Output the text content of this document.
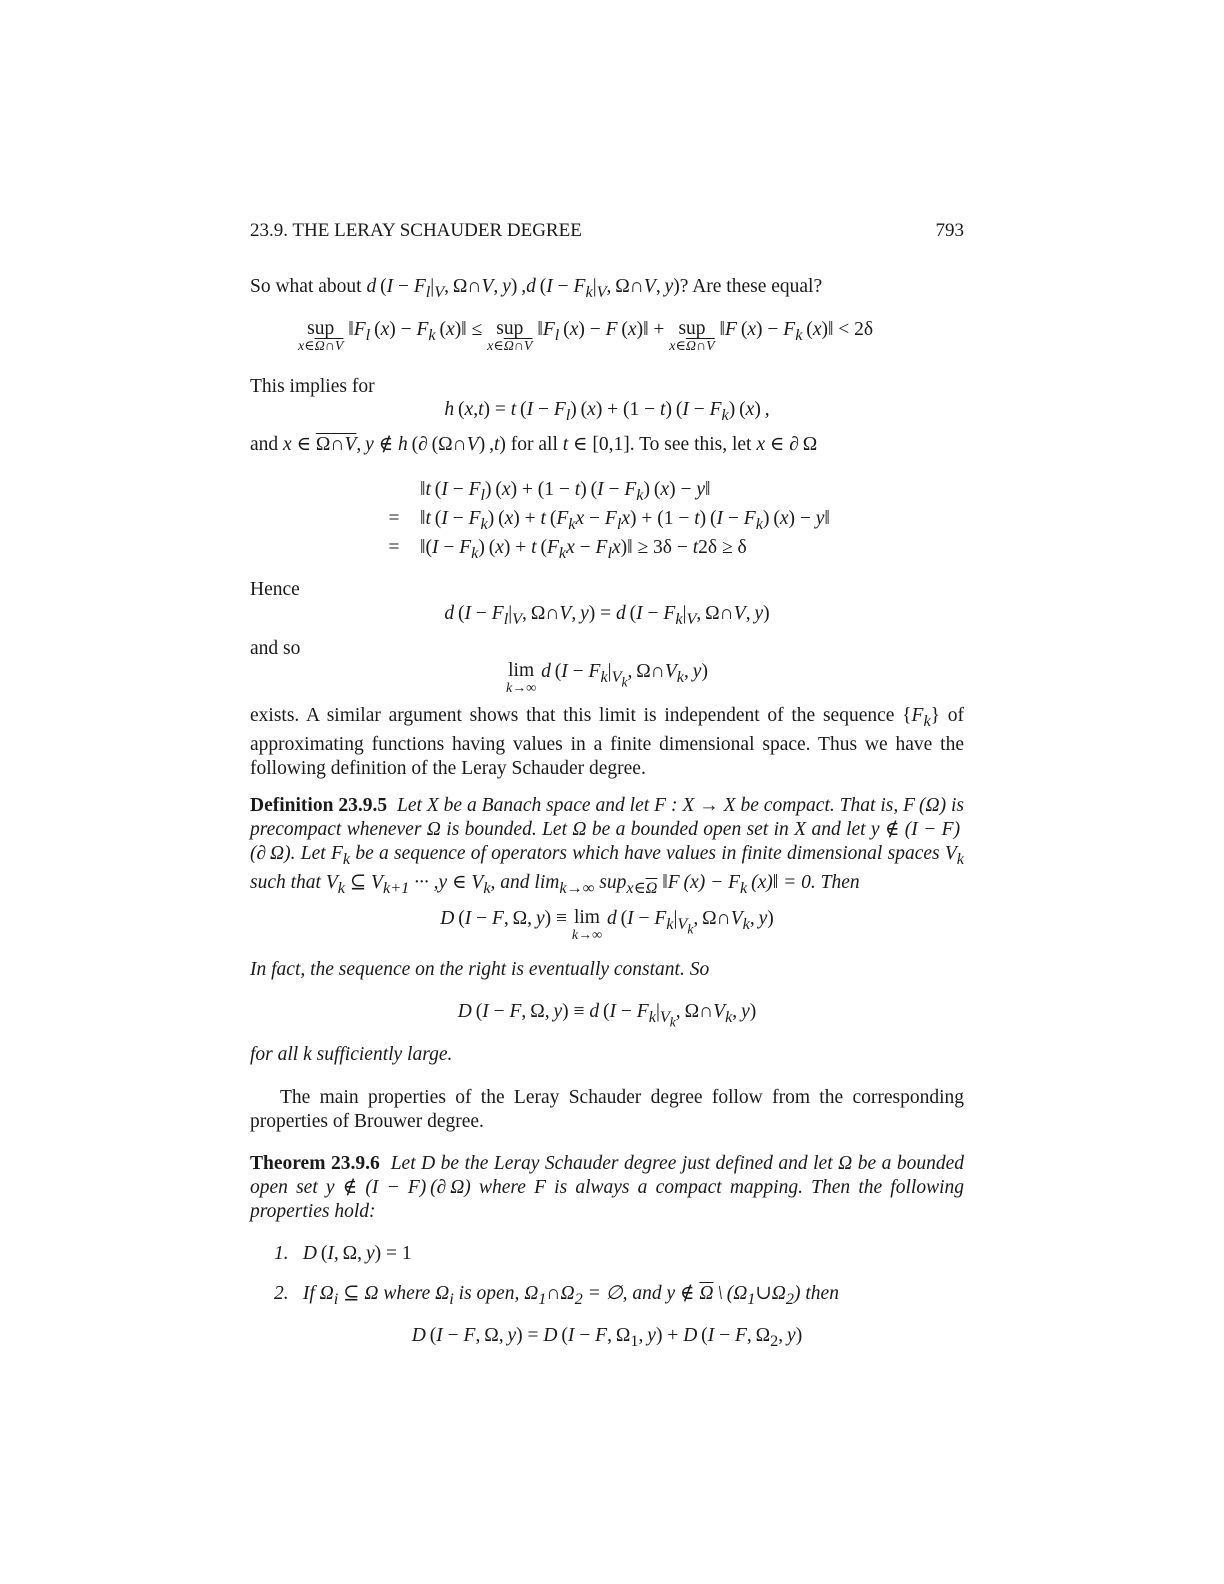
23.9. THE LERAY SCHAUDER DEGREE	793
So what about d ($I - F_l|_V$, Ω∩V, y) ,d ($I - F_k|_V$, Ω∩V, y)? Are these equal?
sup
x∈Ω∩V
$‖F_l$ $(x) - F_k$ (x)‖ ≤ sup
x∈Ω∩V
$‖F_l$ (x) − F (x)‖ + sup
x∈Ω∩V
‖F $(x) - F_k$ (x)‖ < 2δ
This implies for
h (x,t) = t $(I - F_l)$ (x) + (1 − t) $(I - F_k)$ (x) ,
and x ∈ Ω∩V, y ∉ h (∂ (Ω∩V) ,t) for all t ∈ [0,1]. To see this, let x ∈ ∂ Ω
‖t $(I - F_l)$ (x) + (1 − t) $(I - F_k)$ (x) − y‖
=	‖t $(I - F_k)$ (x) + t $(F_kx - F_lx) + (1 - t) (I - F_k) (x)$ − y‖
=	‖(I − $F_k$) (x) + t ($F_kx$ − $F_lx)‖ \ge 3\delta - t2\delta \ge \delta$
Hence
d ($I - F_l|_V$, Ω∩V, y) = d ($I - F_k|_V$, Ω∩V, y)
and so
lim
k→∞
d ($I - F_k|_{V_k}$, $\Omega\cap V_k$, y)
exists. A similar argument shows that this limit is independent of the sequence $\{F_k\}$ of approximating functions having values in a finite dimensional space. Thus we have the following definition of the Leray Schauder degree.
Definition 23.9.5  Let X be a Banach space and let F : X → X be compact. That is, F (Ω) is precompact whenever Ω is bounded. Let Ω be a bounded open set in X and let y ∉ (I − F) (∂ Ω). Let $F_k$ be a sequence of operators which have values in finite dimensional spaces $V_k$ such that $V_k$ ⊆ $V_{k+1}$ ··· ,y ∈ $V_k$, and $\lim_{k\to\infty} sup_{x\in\overline{\Omega}}$ ‖F $(x) - F_k$ (x)‖ = 0. Then
D (I − F, Ω, y) ≡ lim
k→∞
d ($I - F_k|_{V_k}$, $\Omega\cap V_k$, y)
In fact, the sequence on the right is eventually constant. So
D (I − F, Ω, y) ≡ d ($I - F_k|_{V_k}$, $\Omega\cap V_k$, y)
for all k sufficiently large.
The main properties of the Leray Schauder degree follow from the corresponding properties of Brouwer degree.
Theorem 23.9.6  Let D be the Leray Schauder degree just defined and let Ω be a bounded open set y ∉ (I − F) (∂ Ω) where F is always a compact mapping. Then the following properties hold:
1. D (I, Ω, y) = 1
2. If $\Omega_i$ ⊆ Ω where $\Omega_i$ is open, $\Omega_1\cap\Omega_2$ = ∅, and y ∉ $\overline{\Omega}$ \ $(\Omega_1\cup\Omega_2)$ then
D (I − F, Ω, y) = D (I − F, $\Omega_1$, y) + D (I − F, $\Omega_2$, y)
